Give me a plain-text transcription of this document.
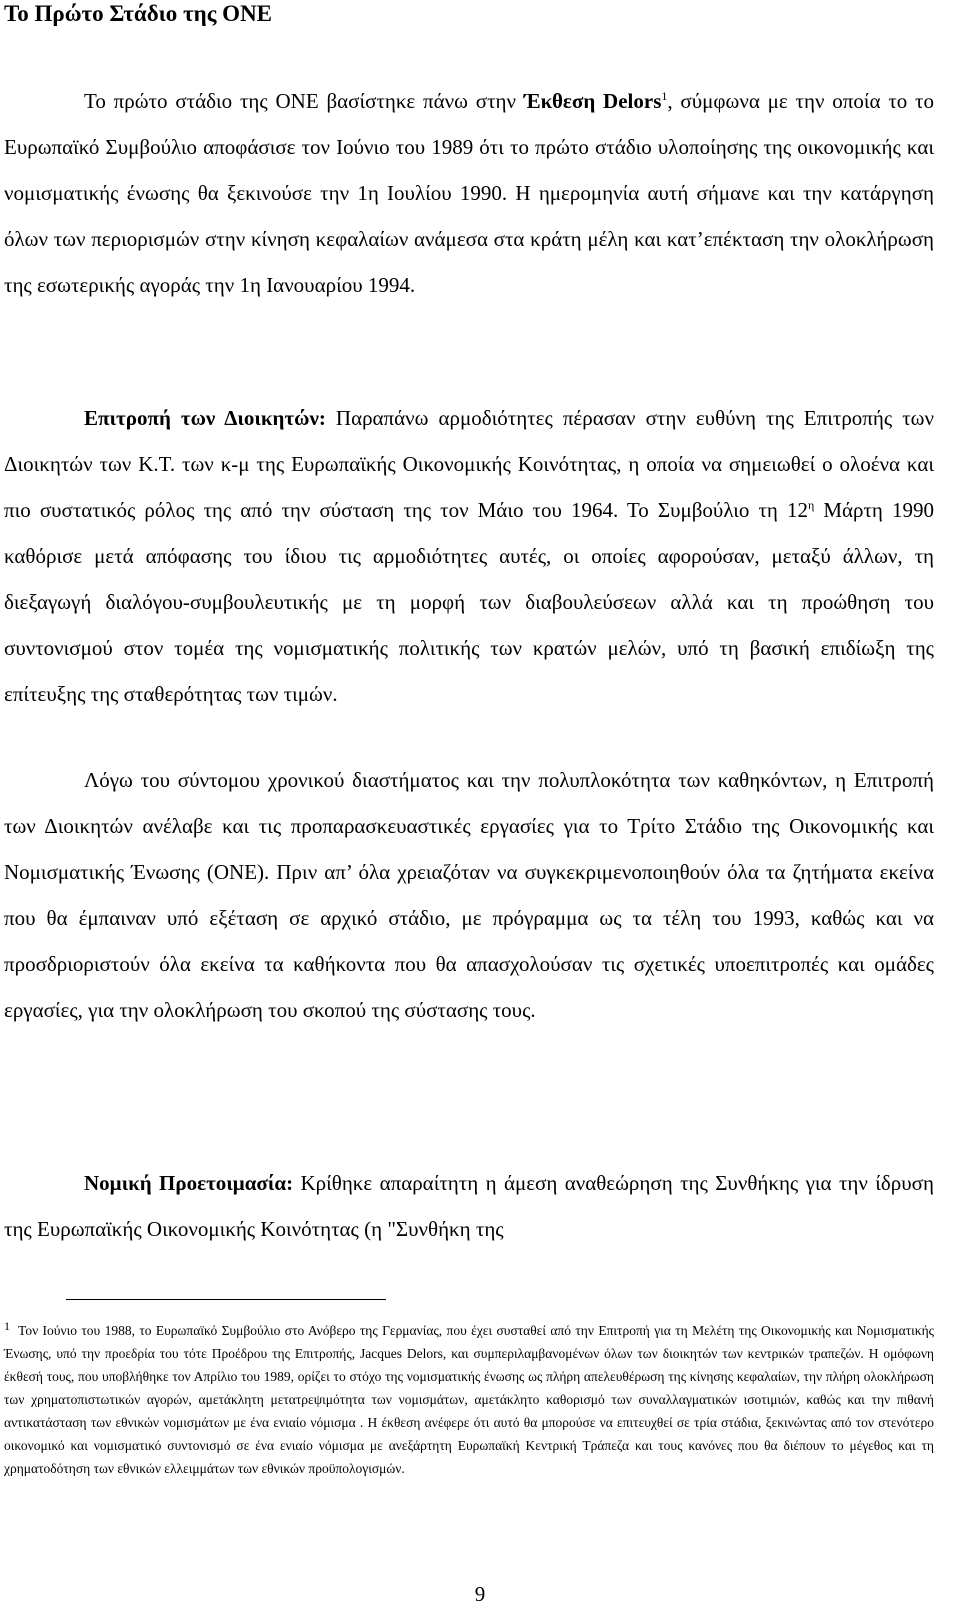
Το Πρώτο Στάδιο της ΟΝΕ

Το πρώτο στάδιο της ΟΝΕ βασίστηκε πάνω στην Έκθεση Delors$^1$, σύμφωνα με την οποία το το Ευρωπαϊκό Συμβούλιο αποφάσισε τον Ιούνιο του 1989 ότι το πρώτο στάδιο υλοποίησης της οικονομικής και νομισματικής ένωσης θα ξεκινούσε την 1η Ιουλίου 1990. Η ημερομηνία αυτή σήμανε και την κατάργηση όλων των περιορισμών στην κίνηση κεφαλαίων ανάμεσα στα κράτη μέλη και κατ’επέκταση την ολοκλήρωση της εσωτερικής αγοράς την 1η Ιανουαρίου 1994.

Επιτροπή των Διοικητών: Παραπάνω αρμοδιότητες πέρασαν στην ευθύνη της Επιτροπής των Διοικητών των Κ.Τ. των κ-μ της Ευρωπαϊκής Οικονομικής Κοινότητας, η οποία να σημειωθεί ο ολοένα και πιο συστατικός ρόλος της από την σύσταση της τον Μάιο του 1964. Το Συμβούλιο τη $12^\eta$ Μάρτη 1990 καθόρισε μετά απόφασης του ίδιου τις αρμοδιότητες αυτές, οι οποίες αφορούσαν, μεταξύ άλλων, τη διεξαγωγή διαλόγου-συμβουλευτικής με τη μορφή των διαβουλεύσεων αλλά και τη προώθηση του συντονισμού στον τομέα της νομισματικής πολιτικής των κρατών μελών, υπό τη βασική επιδίωξη της επίτευξης της σταθερότητας των τιμών.

Λόγω του σύντομου χρονικού διαστήματος και την πολυπλοκότητα των καθηκόντων, η Επιτροπή των Διοικητών ανέλαβε και τις προπαρασκευαστικές εργασίες για το Τρίτο Στάδιο της Οικονομικής και Νομισματικής Ένωσης (ΟΝΕ). Πριν απ’ όλα χρειαζόταν να συγκεκριμενοποιηθούν όλα τα ζητήματα εκείνα που θα έμπαιναν υπό εξέταση σε αρχικό στάδιο, με πρόγραμμα ως τα τέλη του 1993, καθώς και να προσδριοριστούν όλα εκείνα τα καθήκοντα που θα απασχολούσαν τις σχετικές υποεπιτροπές και ομάδες εργασίες, για την ολοκλήρωση του σκοπού της σύστασης τους.

Νομική Προετοιμασία: Κρίθηκε απαραίτητη η άμεση αναθεώρηση της Συνθήκης για την ίδρυση της Ευρωπαϊκής Οικονομικής Κοινότητας (η "Συνθήκη της

1 Τον Ιούνιο του 1988, το Ευρωπαϊκό Συμβούλιο στο Ανόβερο της Γερμανίας, που έχει συσταθεί από την Επιτροπή για τη Μελέτη της Οικονομικής και Νομισματικής Ένωσης, υπό την προεδρία του τότε Προέδρου της Επιτροπής, Jacques Delors, και συμπεριλαμβανομένων όλων των διοικητών των κεντρικών τραπεζών. Η ομόφωνη έκθεσή τους, που υποβλήθηκε τον Απρίλιο του 1989, ορίζει το στόχο της νομισματικής ένωσης ως πλήρη απελευθέρωση της κίνησης κεφαλαίων, την πλήρη ολοκλήρωση των χρηματοπιστωτικών αγορών, αμετάκλητη μετατρεψιμότητα των νομισμάτων, αμετάκλητο καθορισμό των συναλλαγματικών ισοτιμιών, καθώς και την πιθανή αντικατάσταση των εθνικών νομισμάτων με ένα ενιαίο νόμισμα . Η έκθεση ανέφερε ότι αυτό θα μπορούσε να επιτευχθεί σε τρία στάδια, ξεκινώντας από τον στενότερο οικονομικό και νομισματικό συντονισμό σε ένα ενιαίο νόμισμα με ανεξάρτητη Ευρωπαϊκή Κεντρική Τράπεζα και τους κανόνες που θα διέπουν το μέγεθος και τη χρηματοδότηση των εθνικών ελλειμμάτων των εθνικών προϋπολογισμών.

9
